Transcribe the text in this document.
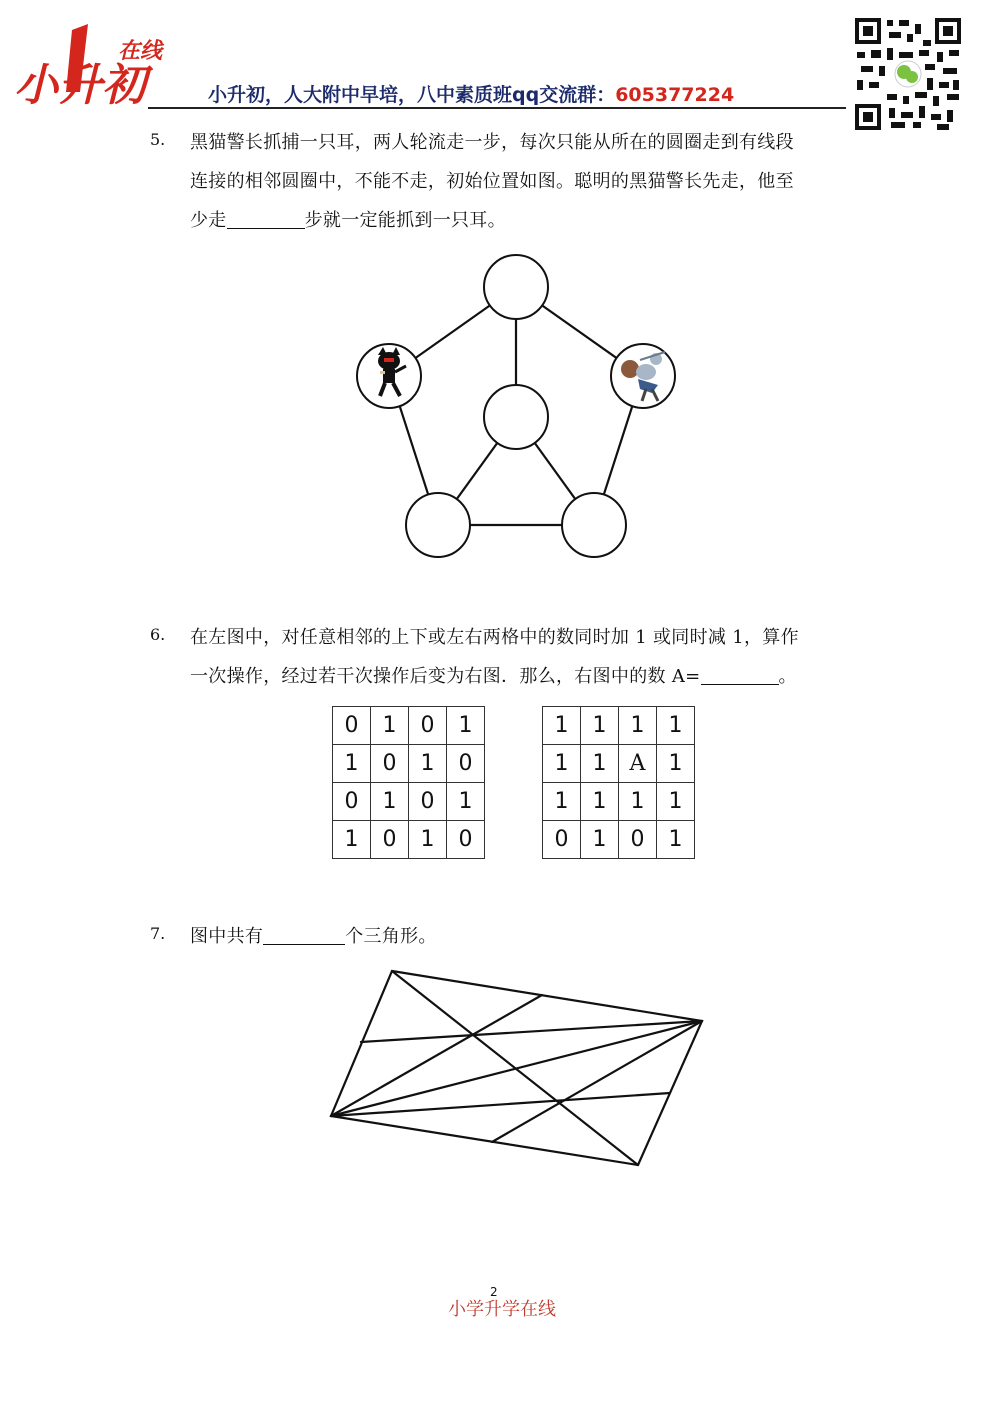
小升初
在线
小升初，人大附中早培，八中素质班qq交流群：605377224
5. 黑猫警长抓捕一只耳，两人轮流走一步，每次只能从所在的圆圈走到有线段
连接的相邻圆圈中，不能不走，初始位置如图。聪明的黑猫警长先走，他至
少走	步就一定能抓到一只耳。
6. 在左图中，对任意相邻的上下或左右两格中的数同时加 1 或同时减 1，算作
一次操作，经过若干次操作后变为右图．那么，右图中的数 A=	。
0	1	0	1
1	0	1	0
0	1	0	1
1	0	1	0
1	1	1	1
1	1	A	1
1	1	1	1
0	1	0	1
7. 图中共有	个三角形。
2
小学升学在线
